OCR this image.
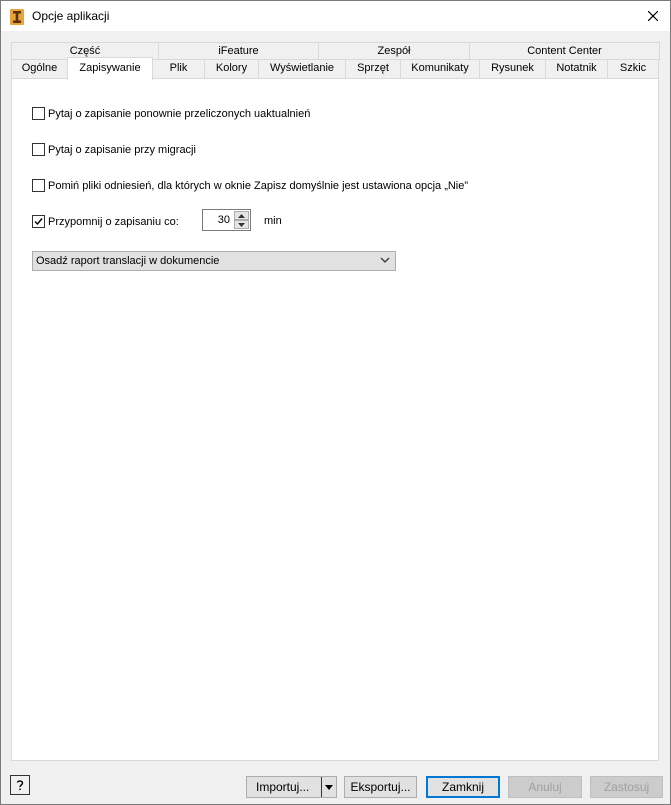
Opcje aplikacji
Część	iFeature	Zespół	Content Center
Ogólne	Zapisywanie	Plik	Kolory	Wyświetlanie	Sprzęt	Komunikaty	Rysunek	Notatnik	Szkic
Pytaj o zapisanie ponownie przeliczonych uaktualnień
Pytaj o zapisanie przy migracji
Pomiń pliki odniesień, dla których w oknie Zapisz domyślnie jest ustawiona opcja „Nie”
Przypomnij o zapisaniu co:	30	min
Osadź raport translacji w dokumencie
Importuj...	Eksportuj...	Zamknij	Anuluj	Zastosuj
